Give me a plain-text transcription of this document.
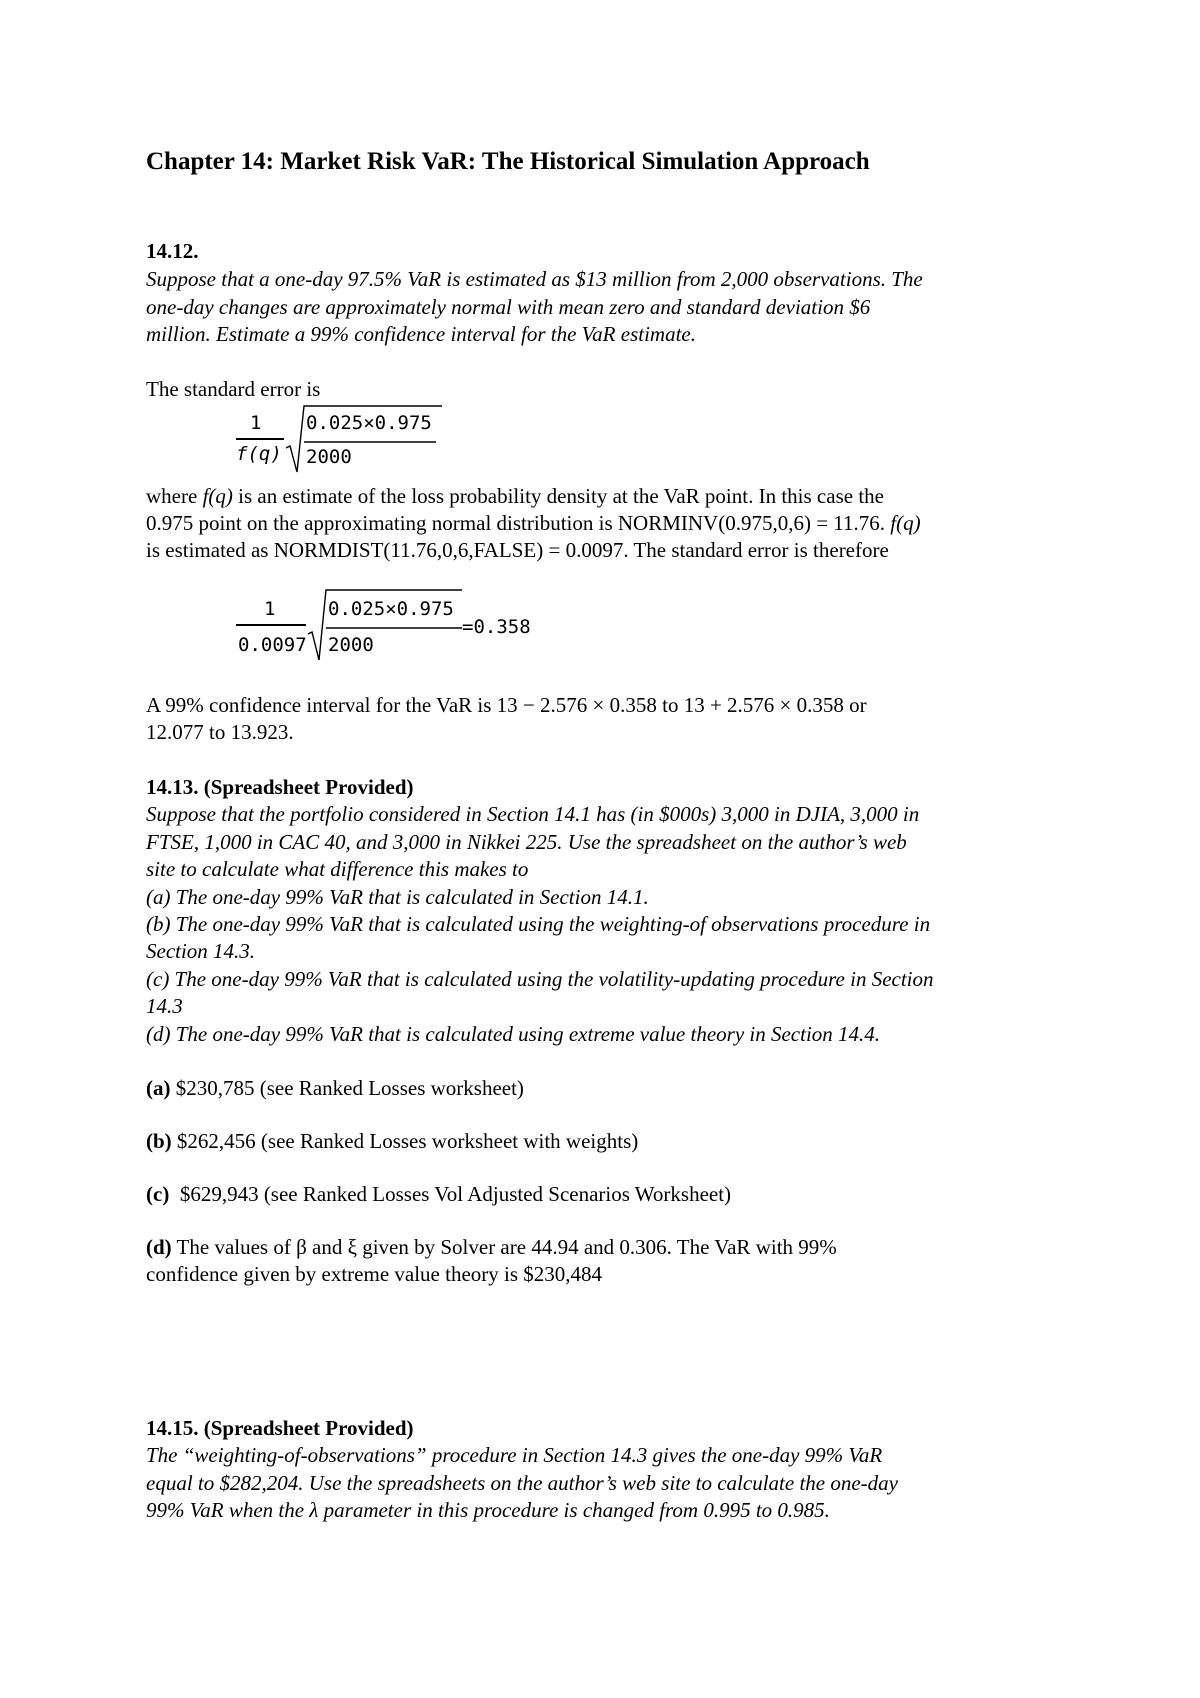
Chapter 14: Market Risk VaR: The Historical Simulation Approach
14.12.
Suppose that a one-day 97.5% VaR is estimated as $13 million from 2,000 observations. The
one-day changes are approximately normal with mean zero and standard deviation $6
million. Estimate a 99% confidence interval for the VaR estimate.
The standard error is
1
f(q)
0.025×0.975
2000
where f(q) is an estimate of the loss probability density at the VaR point. In this case the
0.975 point on the approximating normal distribution is NORMINV(0.975,0,6) = 11.76. f(q)
is estimated as NORMDIST(11.76,0,6,FALSE) = 0.0097. The standard error is therefore
1
0.0097
0.025×0.975
2000
=0.358
A 99% confidence interval for the VaR is 13 − 2.576 × 0.358 to 13 + 2.576 × 0.358 or
12.077 to 13.923.
14.13. (Spreadsheet Provided)
Suppose that the portfolio considered in Section 14.1 has (in $000s) 3,000 in DJIA, 3,000 in
FTSE, 1,000 in CAC 40, and 3,000 in Nikkei 225. Use the spreadsheet on the author’s web
site to calculate what difference this makes to
(a) The one-day 99% VaR that is calculated in Section 14.1.
(b) The one-day 99% VaR that is calculated using the weighting-of observations procedure in
Section 14.3.
(c) The one-day 99% VaR that is calculated using the volatility-updating procedure in Section
14.3
(d) The one-day 99% VaR that is calculated using extreme value theory in Section 14.4.
(a) $230,785 (see Ranked Losses worksheet)
(b) $262,456 (see Ranked Losses worksheet with weights)
(c)  $629,943 (see Ranked Losses Vol Adjusted Scenarios Worksheet)
(d) The values of β and ξ given by Solver are 44.94 and 0.306. The VaR with 99%
confidence given by extreme value theory is $230,484
14.15. (Spreadsheet Provided)
The “weighting-of-observations” procedure in Section 14.3 gives the one-day 99% VaR
equal to $282,204. Use the spreadsheets on the author’s web site to calculate the one-day
99% VaR when the λ parameter in this procedure is changed from 0.995 to 0.985.
